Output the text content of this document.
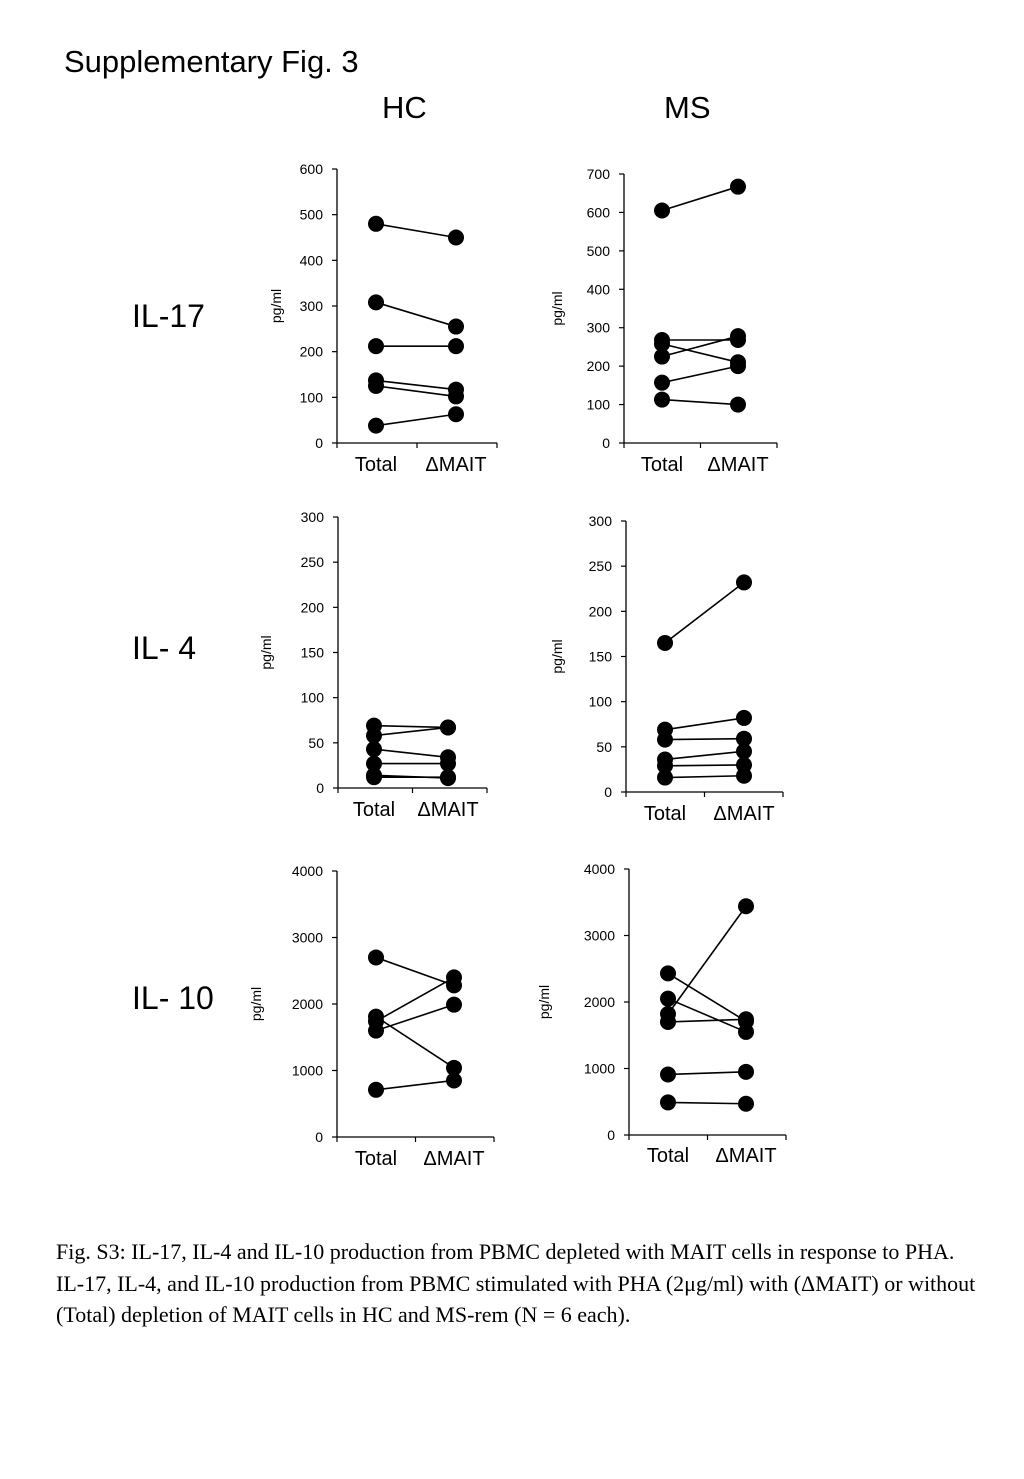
Supplementary Fig. 3
HC	MS
IL-17
IL- 4
IL- 10
0
100
200
300
400
500
600
Total ΔMAIT
pg/ml
0
100
200
300
400
500
600
700
Total ΔMAIT
pg/ml
0
50
100
150
200
250
300
Total ΔMAIT
pg/ml
0
50
100
150
200
250
300
Total ΔMAIT
pg/ml
0
1000
2000
3000
4000
Total ΔMAIT
pg/ml
0
1000
2000
3000
4000
Total ΔMAIT
pg/ml
Fig. S3: IL-17, IL-4 and IL-10 production from PBMC depleted with MAIT cells in response to PHA.
IL-17, IL-4, and IL-10 production from PBMC stimulated with PHA (2μg/ml) with (ΔMAIT) or without (Total) depletion of MAIT cells in HC and MS-rem (N = 6 each).
